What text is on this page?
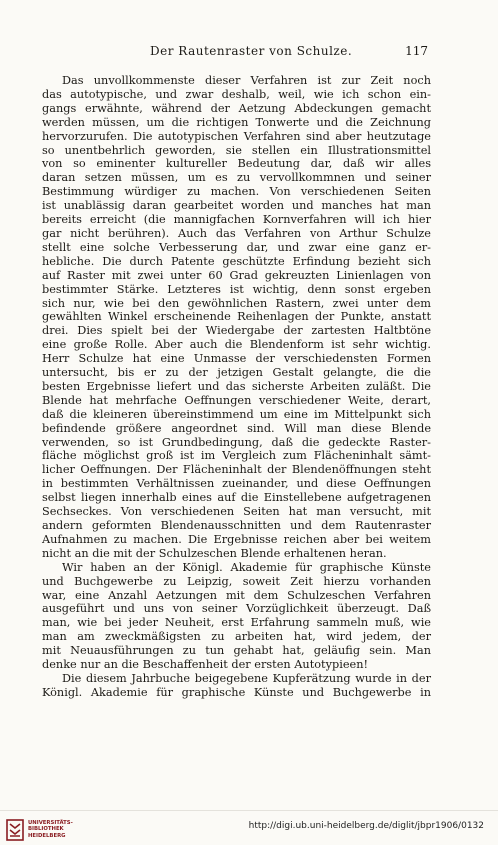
Der Rautenraster von Schulze.	117
Das unvollkommenste dieser Verfahren ist zur Zeit noch
das autotypische, und zwar deshalb, weil, wie ich schon ein-
gangs erwähnte, während der Aetzung Abdeckungen gemacht
werden müssen, um die richtigen Tonwerte und die Zeichnung
hervorzurufen. Die autotypischen Verfahren sind aber heutzutage
so unentbehrlich geworden, sie stellen ein Illustrationsmittel
von so eminenter kultureller Bedeutung dar, daß wir alles
daran setzen müssen, um es zu vervollkommnen und seiner
Bestimmung würdiger zu machen. Von verschiedenen Seiten
ist unablässig daran gearbeitet worden und manches hat man
bereits erreicht (die mannigfachen Kornverfahren will ich hier
gar nicht berühren). Auch das Verfahren von Arthur Schulze
stellt eine solche Verbesserung dar, und zwar eine ganz er-
hebliche. Die durch Patente geschützte Erfindung bezieht sich
auf Raster mit zwei unter 60 Grad gekreuzten Linienlagen von
bestimmter Stärke. Letzteres ist wichtig, denn sonst ergeben
sich nur, wie bei den gewöhnlichen Rastern, zwei unter dem
gewählten Winkel erscheinende Reihenlagen der Punkte, anstatt
drei. Dies spielt bei der Wiedergabe der zartesten Haltbtöne
eine große Rolle. Aber auch die Blendenform ist sehr wichtig.
Herr Schulze hat eine Unmasse der verschiedensten Formen
untersucht, bis er zu der jetzigen Gestalt gelangte, die die
besten Ergebnisse liefert und das sicherste Arbeiten zuläßt. Die
Blende hat mehrfache Oeffnungen verschiedener Weite, derart,
daß die kleineren übereinstimmend um eine im Mittelpunkt sich
befindende größere angeordnet sind. Will man diese Blende
verwenden, so ist Grundbedingung, daß die gedeckte Raster-
fläche möglichst groß ist im Vergleich zum Flächeninhalt sämt-
licher Oeffnungen. Der Flächeninhalt der Blendenöffnungen steht
in bestimmten Verhältnissen zueinander, und diese Oeffnungen
selbst liegen innerhalb eines auf die Einstellebene aufgetragenen
Sechseckes. Von verschiedenen Seiten hat man versucht, mit
andern geformten Blendenausschnitten und dem Rautenraster
Aufnahmen zu machen. Die Ergebnisse reichen aber bei weitem
nicht an die mit der Schulzeschen Blende erhaltenen heran.
Wir haben an der Königl. Akademie für graphische Künste
und Buchgewerbe zu Leipzig, soweit Zeit hierzu vorhanden
war, eine Anzahl Aetzungen mit dem Schulzeschen Verfahren
ausgeführt und uns von seiner Vorzüglichkeit überzeugt. Daß
man, wie bei jeder Neuheit, erst Erfahrung sammeln muß, wie
man am zweckmäßigsten zu arbeiten hat, wird jedem, der
mit Neuausführungen zu tun gehabt hat, geläufig sein. Man
denke nur an die Beschaffenheit der ersten Autotypieen!
Die diesem Jahrbuche beigegebene Kupferätzung wurde in der
Königl. Akademie für graphische Künste und Buchgewerbe in
UNIVERSITÄTS-
BIBLIOTHEK
HEIDELBERG
http://digi.ub.uni-heidelberg.de/diglit/jbpr1906/0132
